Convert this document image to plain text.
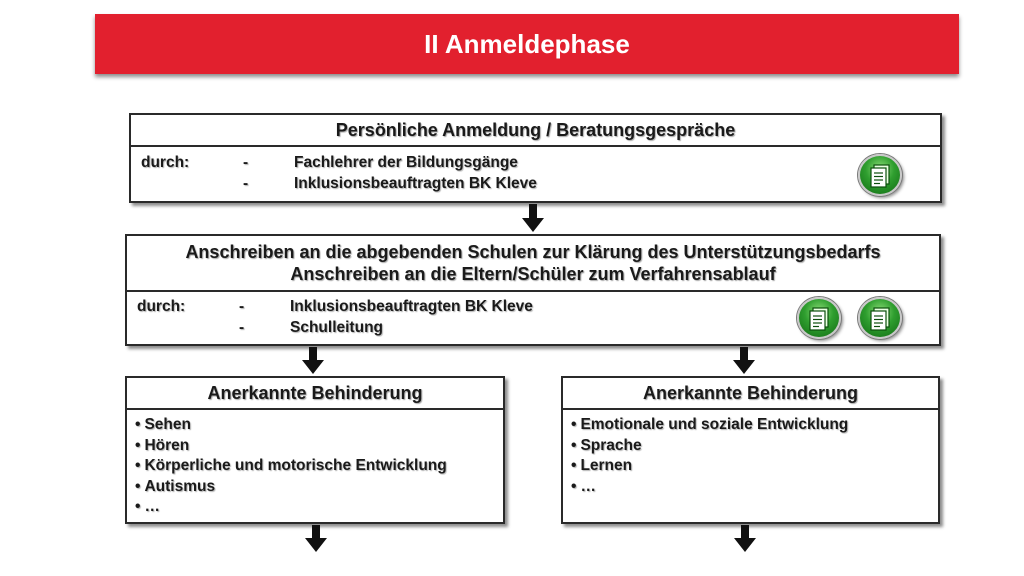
II Anmeldephase
Persönliche Anmeldung / Beratungsgespräche
durch:	-	Fachlehrer der Bildungsgänge
-	Inklusionsbeauftragten BK Kleve
Anschreiben an die abgebenden Schulen zur Klärung des Unterstützungsbedarfs
Anschreiben an die Eltern/Schüler zum Verfahrensablauf
durch:	-	Inklusionsbeauftragten BK Kleve
-	Schulleitung
Anerkannte Behinderung
• Sehen
• Hören
• Körperliche und motorische Entwicklung
• Autismus
• …
Anerkannte Behinderung
• Emotionale und soziale Entwicklung
• Sprache
• Lernen
• …
